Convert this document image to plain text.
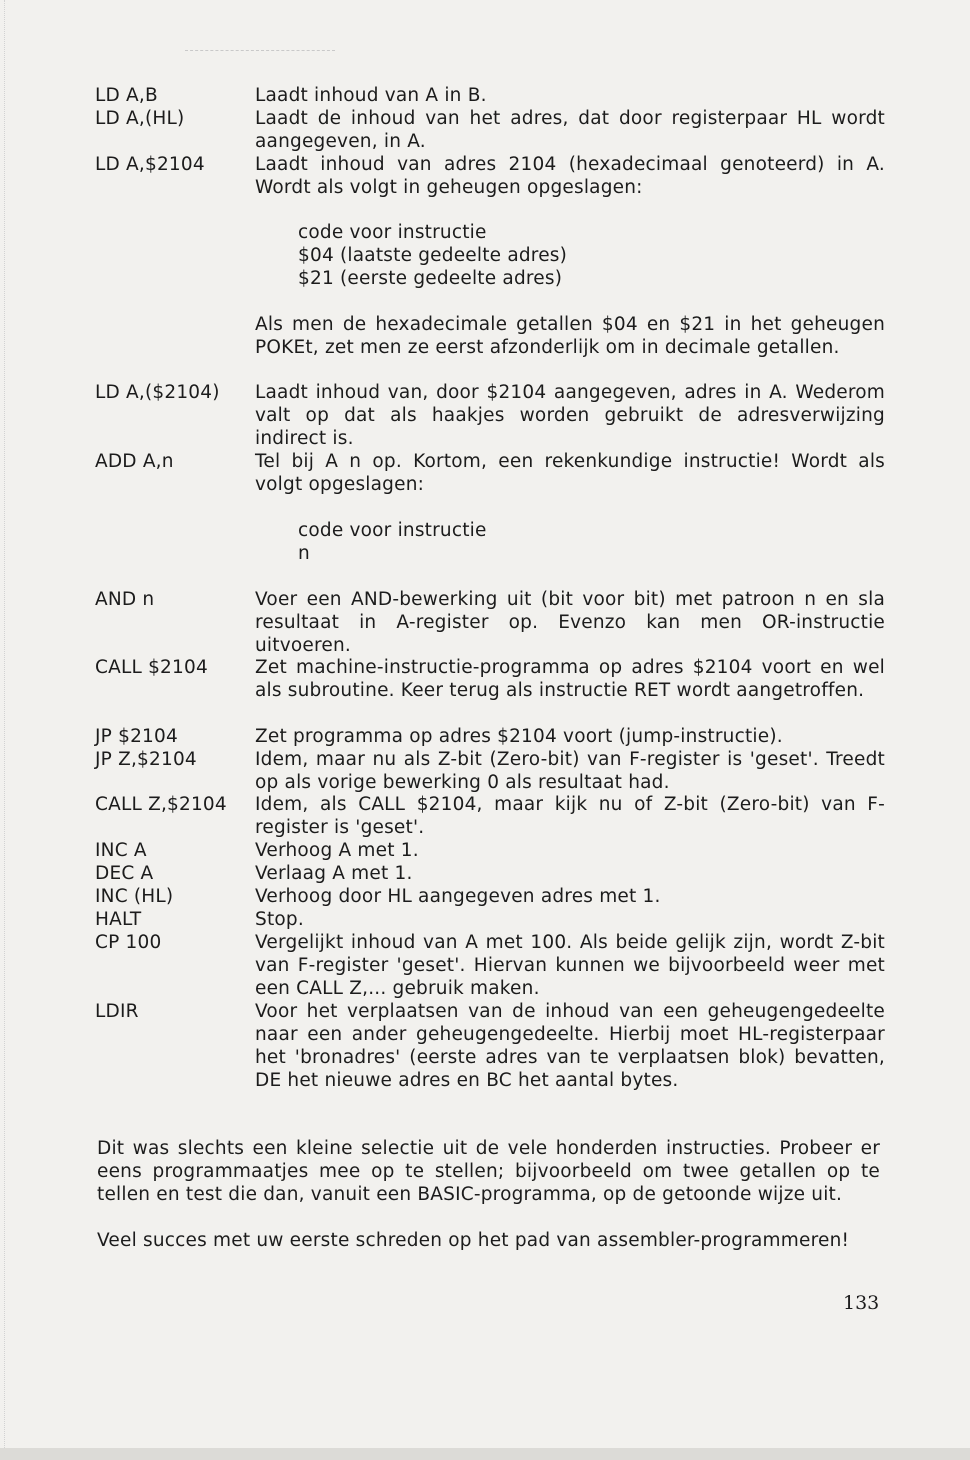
LD A,B	Laadt inhoud van A in B.
LD A,(HL)	Laadt de inhoud van het adres, dat door registerpaar HL wordt aangegeven, in A.
LD A,$2104	Laadt inhoud van adres 2104 (hexadecimaal genoteerd) in A. Wordt als volgt in geheugen opgeslagen:
code voor instructie
$04 (laatste gedeelte adres)
$21 (eerste gedeelte adres)
Als men de hexadecimale getallen $04 en $21 in het geheugen POKEt, zet men ze eerst afzonderlijk om in decimale getallen.
LD A,($2104)	Laadt inhoud van, door $2104 aangegeven, adres in A. Wederom valt op dat als haakjes worden gebruikt de adresverwijzing indirect is.
ADD A,n	Tel bij A n op. Kortom, een rekenkundige instructie! Wordt als volgt opgeslagen:
code voor instructie
n
AND n	Voer een AND-bewerking uit (bit voor bit) met patroon n en sla resultaat in A-register op. Evenzo kan men OR-instructie uitvoeren.
CALL $2104	Zet machine-instructie-programma op adres $2104 voort en wel als subroutine. Keer terug als instructie RET wordt aangetroffen.
JP $2104	Zet programma op adres $2104 voort (jump-instructie).
JP Z,$2104	Idem, maar nu als Z-bit (Zero-bit) van F-register is 'geset'. Treedt op als vorige bewerking 0 als resultaat had.
CALL Z,$2104	Idem, als CALL $2104, maar kijk nu of Z-bit (Zero-bit) van F-register is 'geset'.
INC A	Verhoog A met 1.
DEC A	Verlaag A met 1.
INC (HL)	Verhoog door HL aangegeven adres met 1.
HALT	Stop.
CP 100	Vergelijkt inhoud van A met 100. Als beide gelijk zijn, wordt Z-bit van F-register 'geset'. Hiervan kunnen we bijvoorbeeld weer met een CALL Z,... gebruik maken.
LDIR	Voor het verplaatsen van de inhoud van een geheugengedeelte naar een ander geheugengedeelte. Hierbij moet HL-registerpaar het 'bronadres' (eerste adres van te verplaatsen blok) bevatten, DE het nieuwe adres en BC het aantal bytes.
Dit was slechts een kleine selectie uit de vele honderden instructies. Probeer er eens programmaatjes mee op te stellen; bijvoorbeeld om twee getallen op te tellen en test die dan, vanuit een BASIC-programma, op de getoonde wijze uit.
Veel succes met uw eerste schreden op het pad van assembler-programmeren!
133
